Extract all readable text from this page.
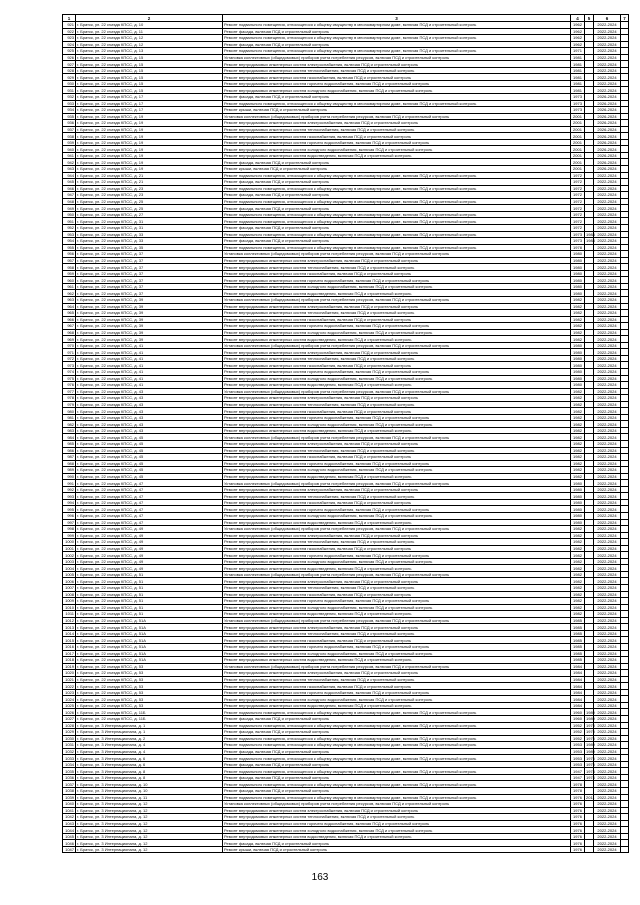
1	2	3	4	5	6	7
921	г. Братск, ул. 22 съезда КПСС, д. 10	Ремонт подвального помещения, относящегося к общему имуществу в многоквартирном доме, включая ПСД и строительный контроль	1962		2022-2024	
922	г. Братск, ул. 22 съезда КПСС, д. 11	Ремонт фасада, включая ПСД и строительный контроль	1962		2022-2024	
923	г. Братск, ул. 22 съезда КПСС, д. 12	Ремонт подвального помещения, относящегося к общему имуществу в многоквартирном доме, включая ПСД и строительный контроль	1962		2022-2024	
924	г. Братск, ул. 22 съезда КПСС, д. 12	Ремонт фасада, включая ПСД и строительный контроль	1962		2022-2024	
925	г. Братск, ул. 22 съезда КПСС, д. 13	Ремонт подвального помещения, относящегося к общему имуществу в многоквартирном доме, включая ПСД и строительный контроль	1971		2022-2024	
926	г. Братск, ул. 22 съезда КПСС, д. 15	Установка коллективных (общедомовых) приборов учета потребления ресурсов, включая ПСД и строительный контроль	1981		2022-2024	
927	г. Братск, ул. 22 съезда КПСС, д. 15	Ремонт внутридомовых инженерных систем электроснабжения, включая ПСД и строительный контроль	1981		2022-2024	
928	г. Братск, ул. 22 съезда КПСС, д. 15	Ремонт внутридомовых инженерных систем теплоснабжения, включая ПСД и строительный контроль	1981		2022-2024	
929	г. Братск, ул. 22 съезда КПСС, д. 15	Ремонт внутридомовых инженерных систем газоснабжения, включая ПСД и строительный контроль	1981		2022-2024	
930	г. Братск, ул. 22 съезда КПСС, д. 15	Ремонт внутридомовых инженерных систем горячего водоснабжения, включая ПСД и строительный контроль	1981		2022-2024	
931	г. Братск, ул. 22 съезда КПСС, д. 15	Ремонт внутридомовых инженерных систем холодного водоснабжения, включая ПСД и строительный контроль	1981		2022-2024	
932	г. Братск, ул. 22 съезда КПСС, д. 17	Ремонт фасада, включая ПСД и строительный контроль	1973		2026-2024	
933	г. Братск, ул. 22 съезда КПСС, д. 17	Ремонт подвального помещения, относящегося к общему имуществу в многоквартирном доме, включая ПСД и строительный контроль	1973		2026-2024	
934	г. Братск, ул. 22 съезда КПСС, д. 17	Ремонт крыши, включая ПСД и строительный контроль	1973		2026-2024	
935	г. Братск, ул. 22 съезда КПСС, д. 19	Установка коллективных (общедомовых) приборов учета потребления ресурсов, включая ПСД и строительный контроль	2001		2026-2024	
936	г. Братск, ул. 22 съезда КПСС, д. 19	Ремонт внутридомовых инженерных систем электроснабжения, включая ПСД и строительный контроль	2001		2026-2024	
937	г. Братск, ул. 22 съезда КПСС, д. 19	Ремонт внутридомовых инженерных систем теплоснабжения, включая ПСД и строительный контроль	2001		2026-2024	
938	г. Братск, ул. 22 съезда КПСС, д. 19	Ремонт внутридомовых инженерных систем газоснабжения, включая ПСД и строительный контроль	2001		2026-2024	
939	г. Братск, ул. 22 съезда КПСС, д. 19	Ремонт внутридомовых инженерных систем горячего водоснабжения, включая ПСД и строительный контроль	2001		2026-2024	
940	г. Братск, ул. 22 съезда КПСС, д. 19	Ремонт внутридомовых инженерных систем холодного водоснабжения, включая ПСД и строительный контроль	2001		2026-2024	
941	г. Братск, ул. 22 съезда КПСС, д. 19	Ремонт внутридомовых инженерных систем водоотведения, включая ПСД и строительный контроль	2001		2026-2024	
942	г. Братск, ул. 22 съезда КПСС, д. 19	Ремонт фасада, включая ПСД и строительный контроль	2001		2026-2024	
943	г. Братск, ул. 22 съезда КПСС, д. 19	Ремонт крыши, включая ПСД и строительный контроль	2001		2026-2024	
944	г. Братск, ул. 22 съезда КПСС, д. 21	Ремонт подвального помещения, относящегося к общему имуществу в многоквартирном доме, включая ПСД и строительный контроль	1972		2022-2024	
945	г. Братск, ул. 22 съезда КПСС, д. 21	Ремонт фасада, включая ПСД и строительный контроль	1972		2022-2024	
946	г. Братск, ул. 22 съезда КПСС, д. 23	Ремонт подвального помещения, относящегося к общему имуществу в многоквартирном доме, включая ПСД и строительный контроль	1972		2022-2024	
947	г. Братск, ул. 22 съезда КПСС, д. 23	Ремонт фасада, включая ПСД и строительный контроль	1972		2022-2024	
948	г. Братск, ул. 22 съезда КПСС, д. 25	Ремонт подвального помещения, относящегося к общему имуществу в многоквартирном доме, включая ПСД и строительный контроль	1972		2022-2024	
949	г. Братск, ул. 22 съезда КПСС, д. 25	Ремонт фасада, включая ПСД и строительный контроль	1972		2022-2024	
950	г. Братск, ул. 22 съезда КПСС, д. 27	Ремонт подвального помещения, относящегося к общему имуществу в многоквартирном доме, включая ПСД и строительный контроль	1972		2022-2024	
951	г. Братск, ул. 22 съезда КПСС, д. 31	Ремонт подвального помещения, относящегося к общему имуществу в многоквартирном доме, включая ПСД и строительный контроль	1972		2022-2024	
952	г. Братск, ул. 22 съезда КПСС, д. 31	Ремонт фасада, включая ПСД и строительный контроль	1972		2022-2024	
953	г. Братск, ул. 22 съезда КПСС, д. 33	Ремонт подвального помещения, относящегося к общему имуществу в многоквартирном доме, включая ПСД и строительный контроль	1973	1984	2022-2024	
954	г. Братск, ул. 22 съезда КПСС, д. 33	Ремонт фасада, включая ПСД и строительный контроль	1973	1984	2022-2024	
955	г. Братск, ул. 22 съезда КПСС, д. 35	Ремонт подвального помещения, относящегося к общему имуществу в многоквартирном доме, включая ПСД и строительный контроль	1978		2022-2024	
956	г. Братск, ул. 22 съезда КПСС, д. 37	Установка коллективных (общедомовых) приборов учета потребления ресурсов, включая ПСД и строительный контроль	1980		2022-2024	
957	г. Братск, ул. 22 съезда КПСС, д. 37	Ремонт внутридомовых инженерных систем электроснабжения, включая ПСД и строительный контроль	1980		2022-2024	
958	г. Братск, ул. 22 съезда КПСС, д. 37	Ремонт внутридомовых инженерных систем теплоснабжения, включая ПСД и строительный контроль	1980		2022-2024	
959	г. Братск, ул. 22 съезда КПСС, д. 37	Ремонт внутридомовых инженерных систем газоснабжения, включая ПСД и строительный контроль	1980		2022-2024	
960	г. Братск, ул. 22 съезда КПСС, д. 37	Ремонт внутридомовых инженерных систем горячего водоснабжения, включая ПСД и строительный контроль	1980		2022-2024	
961	г. Братск, ул. 22 съезда КПСС, д. 37	Ремонт внутридомовых инженерных систем холодного водоснабжения, включая ПСД и строительный контроль	1980		2022-2024	
962	г. Братск, ул. 22 съезда КПСС, д. 37	Ремонт внутридомовых инженерных систем водоотведения, включая ПСД и строительный контроль	1980		2022-2024	
963	г. Братск, ул. 22 съезда КПСС, д. 39	Установка коллективных (общедомовых) приборов учета потребления ресурсов, включая ПСД и строительный контроль	1982		2022-2024	
964	г. Братск, ул. 22 съезда КПСС, д. 39	Ремонт внутридомовых инженерных систем электроснабжения, включая ПСД и строительный контроль	1982		2022-2024	
965	г. Братск, ул. 22 съезда КПСС, д. 39	Ремонт внутридомовых инженерных систем теплоснабжения, включая ПСД и строительный контроль	1982		2022-2024	
966	г. Братск, ул. 22 съезда КПСС, д. 39	Ремонт внутридомовых инженерных систем газоснабжения, включая ПСД и строительный контроль	1982		2022-2024	
967	г. Братск, ул. 22 съезда КПСС, д. 39	Ремонт внутридомовых инженерных систем горячего водоснабжения, включая ПСД и строительный контроль	1982		2022-2024	
968	г. Братск, ул. 22 съезда КПСС, д. 39	Ремонт внутридомовых инженерных систем холодного водоснабжения, включая ПСД и строительный контроль	1982		2022-2024	
969	г. Братск, ул. 22 съезда КПСС, д. 39	Ремонт внутридомовых инженерных систем водоотведения, включая ПСД и строительный контроль	1982		2022-2024	
970	г. Братск, ул. 22 съезда КПСС, д. 41	Установка коллективных (общедомовых) приборов учета потребления ресурсов, включая ПСД и строительный контроль	1980		2022-2024	
971	г. Братск, ул. 22 съезда КПСС, д. 41	Ремонт внутридомовых инженерных систем электроснабжения, включая ПСД и строительный контроль	1980		2022-2024	
972	г. Братск, ул. 22 съезда КПСС, д. 41	Ремонт внутридомовых инженерных систем теплоснабжения, включая ПСД и строительный контроль	1980		2022-2024	
973	г. Братск, ул. 22 съезда КПСС, д. 41	Ремонт внутридомовых инженерных систем газоснабжения, включая ПСД и строительный контроль	1980		2022-2024	
974	г. Братск, ул. 22 съезда КПСС, д. 41	Ремонт внутридомовых инженерных систем горячего водоснабжения, включая ПСД и строительный контроль	1980		2022-2024	
975	г. Братск, ул. 22 съезда КПСС, д. 41	Ремонт внутридомовых инженерных систем холодного водоснабжения, включая ПСД и строительный контроль	1980		2022-2024	
976	г. Братск, ул. 22 съезда КПСС, д. 41	Ремонт внутридомовых инженерных систем водоотведения, включая ПСД и строительный контроль	1980		2022-2024	
977	г. Братск, ул. 22 съезда КПСС, д. 43	Установка коллективных (общедомовых) приборов учета потребления ресурсов, включая ПСД и строительный контроль	1982		2022-2024	
978	г. Братск, ул. 22 съезда КПСС, д. 43	Ремонт внутридомовых инженерных систем электроснабжения, включая ПСД и строительный контроль	1982		2022-2024	
979	г. Братск, ул. 22 съезда КПСС, д. 43	Ремонт внутридомовых инженерных систем теплоснабжения, включая ПСД и строительный контроль	1982		2022-2024	
980	г. Братск, ул. 22 съезда КПСС, д. 43	Ремонт внутридомовых инженерных систем газоснабжения, включая ПСД и строительный контроль	1982		2022-2024	
981	г. Братск, ул. 22 съезда КПСС, д. 43	Ремонт внутридомовых инженерных систем горячего водоснабжения, включая ПСД и строительный контроль	1982		2022-2024	
982	г. Братск, ул. 22 съезда КПСС, д. 43	Ремонт внутридомовых инженерных систем холодного водоснабжения, включая ПСД и строительный контроль	1982		2022-2024	
983	г. Братск, ул. 22 съезда КПСС, д. 43	Ремонт внутридомовых инженерных систем водоотведения, включая ПСД и строительный контроль	1982		2022-2024	
984	г. Братск, ул. 22 съезда КПСС, д. 45	Установка коллективных (общедомовых) приборов учета потребления ресурсов, включая ПСД и строительный контроль	1982		2022-2024	
985	г. Братск, ул. 22 съезда КПСС, д. 45	Ремонт внутридомовых инженерных систем электроснабжения, включая ПСД и строительный контроль	1982		2022-2024	
986	г. Братск, ул. 22 съезда КПСС, д. 45	Ремонт внутридомовых инженерных систем теплоснабжения, включая ПСД и строительный контроль	1982		2022-2024	
987	г. Братск, ул. 22 съезда КПСС, д. 45	Ремонт внутридомовых инженерных систем газоснабжения, включая ПСД и строительный контроль	1982		2022-2024	
988	г. Братск, ул. 22 съезда КПСС, д. 45	Ремонт внутридомовых инженерных систем горячего водоснабжения, включая ПСД и строительный контроль	1982		2022-2024	
989	г. Братск, ул. 22 съезда КПСС, д. 45	Ремонт внутридомовых инженерных систем холодного водоснабжения, включая ПСД и строительный контроль	1982		2022-2024	
990	г. Братск, ул. 22 съезда КПСС, д. 45	Ремонт внутридомовых инженерных систем водоотведения, включая ПСД и строительный контроль	1982		2022-2024	
991	г. Братск, ул. 22 съезда КПСС, д. 47	Установка коллективных (общедомовых) приборов учета потребления ресурсов, включая ПСД и строительный контроль	1980		2022-2024	
992	г. Братск, ул. 22 съезда КПСС, д. 47	Ремонт внутридомовых инженерных систем электроснабжения, включая ПСД и строительный контроль	1980		2022-2024	
993	г. Братск, ул. 22 съезда КПСС, д. 47	Ремонт внутридомовых инженерных систем теплоснабжения, включая ПСД и строительный контроль	1980		2022-2024	
994	г. Братск, ул. 22 съезда КПСС, д. 47	Ремонт внутридомовых инженерных систем газоснабжения, включая ПСД и строительный контроль	1980		2022-2024	
995	г. Братск, ул. 22 съезда КПСС, д. 47	Ремонт внутридомовых инженерных систем горячего водоснабжения, включая ПСД и строительный контроль	1980		2022-2024	
996	г. Братск, ул. 22 съезда КПСС, д. 47	Ремонт внутридомовых инженерных систем холодного водоснабжения, включая ПСД и строительный контроль	1980		2022-2024	
997	г. Братск, ул. 22 съезда КПСС, д. 47	Ремонт внутридомовых инженерных систем водоотведения, включая ПСД и строительный контроль	1980		2022-2024	
998	г. Братск, ул. 22 съезда КПСС, д. 49	Установка коллективных (общедомовых) приборов учета потребления ресурсов, включая ПСД и строительный контроль	1982		2022-2024	
999	г. Братск, ул. 22 съезда КПСС, д. 49	Ремонт внутридомовых инженерных систем электроснабжения, включая ПСД и строительный контроль	1982		2022-2024	
1000	г. Братск, ул. 22 съезда КПСС, д. 49	Ремонт внутридомовых инженерных систем теплоснабжения, включая ПСД и строительный контроль	1982		2022-2024	
1001	г. Братск, ул. 22 съезда КПСС, д. 49	Ремонт внутридомовых инженерных систем газоснабжения, включая ПСД и строительный контроль	1982		2022-2024	
1002	г. Братск, ул. 22 съезда КПСС, д. 49	Ремонт внутридомовых инженерных систем горячего водоснабжения, включая ПСД и строительный контроль	1982		2022-2024	
1003	г. Братск, ул. 22 съезда КПСС, д. 49	Ремонт внутридомовых инженерных систем холодного водоснабжения, включая ПСД и строительный контроль	1982		2022-2024	
1004	г. Братск, ул. 22 съезда КПСС, д. 49	Ремонт внутридомовых инженерных систем водоотведения, включая ПСД и строительный контроль	1982		2022-2024	
1005	г. Братск, ул. 22 съезда КПСС, д. 51	Установка коллективных (общедомовых) приборов учета потребления ресурсов, включая ПСД и строительный контроль	1982		2022-2024	
1006	г. Братск, ул. 22 съезда КПСС, д. 51	Ремонт внутридомовых инженерных систем электроснабжения, включая ПСД и строительный контроль	1982		2022-2024	
1007	г. Братск, ул. 22 съезда КПСС, д. 51	Ремонт внутридомовых инженерных систем теплоснабжения, включая ПСД и строительный контроль	1982		2022-2024	
1008	г. Братск, ул. 22 съезда КПСС, д. 51	Ремонт внутридомовых инженерных систем газоснабжения, включая ПСД и строительный контроль	1982		2022-2024	
1009	г. Братск, ул. 22 съезда КПСС, д. 51	Ремонт внутридомовых инженерных систем горячего водоснабжения, включая ПСД и строительный контроль	1982		2022-2024	
1010	г. Братск, ул. 22 съезда КПСС, д. 51	Ремонт внутридомовых инженерных систем холодного водоснабжения, включая ПСД и строительный контроль	1982		2022-2024	
1011	г. Братск, ул. 22 съезда КПСС, д. 51	Ремонт внутридомовых инженерных систем водоотведения, включая ПСД и строительный контроль	1982		2022-2024	
1012	г. Братск, ул. 22 съезда КПСС, д. 51А	Установка коллективных (общедомовых) приборов учета потребления ресурсов, включая ПСД и строительный контроль	1985		2022-2024	
1013	г. Братск, ул. 22 съезда КПСС, д. 51А	Ремонт внутридомовых инженерных систем электроснабжения, включая ПСД и строительный контроль	1985		2022-2024	
1014	г. Братск, ул. 22 съезда КПСС, д. 51А	Ремонт внутридомовых инженерных систем теплоснабжения, включая ПСД и строительный контроль	1985		2022-2024	
1015	г. Братск, ул. 22 съезда КПСС, д. 51А	Ремонт внутридомовых инженерных систем газоснабжения, включая ПСД и строительный контроль	1985		2022-2024	
1016	г. Братск, ул. 22 съезда КПСС, д. 51А	Ремонт внутридомовых инженерных систем горячего водоснабжения, включая ПСД и строительный контроль	1985		2022-2024	
1017	г. Братск, ул. 22 съезда КПСС, д. 51А	Ремонт внутридомовых инженерных систем холодного водоснабжения, включая ПСД и строительный контроль	1985		2022-2024	
1018	г. Братск, ул. 22 съезда КПСС, д. 51А	Ремонт внутридомовых инженерных систем водоотведения, включая ПСД и строительный контроль	1985		2022-2024	
1019	г. Братск, ул. 22 съезда КПСС, д. 53	Установка коллективных (общедомовых) приборов учета потребления ресурсов, включая ПСД и строительный контроль	1984		2022-2024	
1020	г. Братск, ул. 22 съезда КПСС, д. 53	Ремонт внутридомовых инженерных систем электроснабжения, включая ПСД и строительный контроль	1984		2022-2024	
1021	г. Братск, ул. 22 съезда КПСС, д. 53	Ремонт внутридомовых инженерных систем теплоснабжения, включая ПСД и строительный контроль	1984		2022-2024	
1022	г. Братск, ул. 22 съезда КПСС, д. 53	Ремонт внутридомовых инженерных систем газоснабжения, включая ПСД и строительный контроль	1984		2022-2024	
1023	г. Братск, ул. 22 съезда КПСС, д. 53	Ремонт внутридомовых инженерных систем горячего водоснабжения, включая ПСД и строительный контроль	1984		2022-2024	
1024	г. Братск, ул. 22 съезда КПСС, д. 53	Ремонт внутридомовых инженерных систем холодного водоснабжения, включая ПСД и строительный контроль	1984		2022-2024	
1025	г. Братск, ул. 22 съезда КПСС, д. 53	Ремонт внутридомовых инженерных систем водоотведения, включая ПСД и строительный контроль	1984		2022-2024	
1026	г. Братск, ул. 22 съезда КПСС, д. 11Б	Ремонт подвального помещения, относящегося к общему имуществу в многоквартирном доме, включая ПСД и строительный контроль	1960	1989	2022-2024	
1027	г. Братск, ул. 22 съезда КПСС, д. 11Б	Ремонт фасада, включая ПСД и строительный контроль	1960	1989	2022-2024	
1028	г. Братск, ул. 3 Интернационала, д. 1	Ремонт подвального помещения, относящегося к общему имуществу в многоквартирном доме, включая ПСД и строительный контроль	1952	1975	2022-2024	
1029	г. Братск, ул. 3 Интернационала, д. 1	Ремонт фасада, включая ПСД и строительный контроль	1952	1975	2022-2024	
1030	г. Братск, ул. 3 Интернационала, д. 2	Ремонт подвального помещения, относящегося к общему имуществу в многоквартирном доме, включая ПСД и строительный контроль	1952	1975	2022-2024	
1031	г. Братск, ул. 3 Интернационала, д. 4	Ремонт подвального помещения, относящегося к общему имуществу в многоквартирном доме, включая ПСД и строительный контроль	1953	1989	2022-2024	
1032	г. Братск, ул. 3 Интернационала, д. 4	Ремонт фасада, включая ПСД и строительный контроль	1953	1989	2022-2024	
1033	г. Братск, ул. 3 Интернационала, д. 6	Ремонт подвального помещения, относящегося к общему имуществу в многоквартирном доме, включая ПСД и строительный контроль	1953	1975	2022-2024	
1034	г. Братск, ул. 3 Интернационала, д. 6	Ремонт фасада, включая ПСД и строительный контроль	1953	1975	2022-2024	
1035	г. Братск, ул. 3 Интернационала, д. 8	Ремонт подвального помещения, относящегося к общему имуществу в многоквартирном доме, включая ПСД и строительный контроль	1947	1974	2022-2024	
1036	г. Братск, ул. 3 Интернационала, д. 8	Ремонт фасада, включая ПСД и строительный контроль	1947	1974	2022-2024	
1037	г. Братск, ул. 3 Интернационала, д. 10	Ремонт подвального помещения, относящегося к общему имуществу в многоквартирном доме, включая ПСД и строительный контроль	1978		2022-2024	
1038	г. Братск, ул. 3 Интернационала, д. 10	Ремонт фасада, включая ПСД и строительный контроль	1978		2022-2024	
1039	г. Братск, ул. 3 Интернационала, д. 11	Ремонт подвального помещения, относящегося к общему имуществу в многоквартирном доме, включая ПСД и строительный контроль	1976	2011	2022-2024	
1040	г. Братск, ул. 3 Интернационала, д. 12	Установка коллективных (общедомовых) приборов учета потребления ресурсов, включая ПСД и строительный контроль	1976		2022-2024	
1041	г. Братск, ул. 3 Интернационала, д. 12	Ремонт внутридомовых инженерных систем электроснабжения, включая ПСД и строительный контроль	1976		2022-2024	
1042	г. Братск, ул. 3 Интернационала, д. 12	Ремонт внутридомовых инженерных систем теплоснабжения, включая ПСД и строительный контроль	1976		2022-2024	
1043	г. Братск, ул. 3 Интернационала, д. 12	Ремонт внутридомовых инженерных систем горячего водоснабжения, включая ПСД и строительный контроль	1976		2022-2024	
1044	г. Братск, ул. 3 Интернационала, д. 12	Ремонт внутридомовых инженерных систем холодного водоснабжения, включая ПСД и строительный контроль	1976		2022-2024	
1045	г. Братск, ул. 3 Интернационала, д. 12	Ремонт внутридомовых инженерных систем водоотведения, включая ПСД и строительный контроль	1976		2022-2024	
1046	г. Братск, ул. 3 Интернационала, д. 12	Ремонт фасада, включая ПСД и строительный контроль	1976		2022-2024	
1047	г. Братск, ул. 3 Интернационала, д. 12	Ремонт крыши, включая ПСД и строительный контроль	1976		2022-2024	
163
